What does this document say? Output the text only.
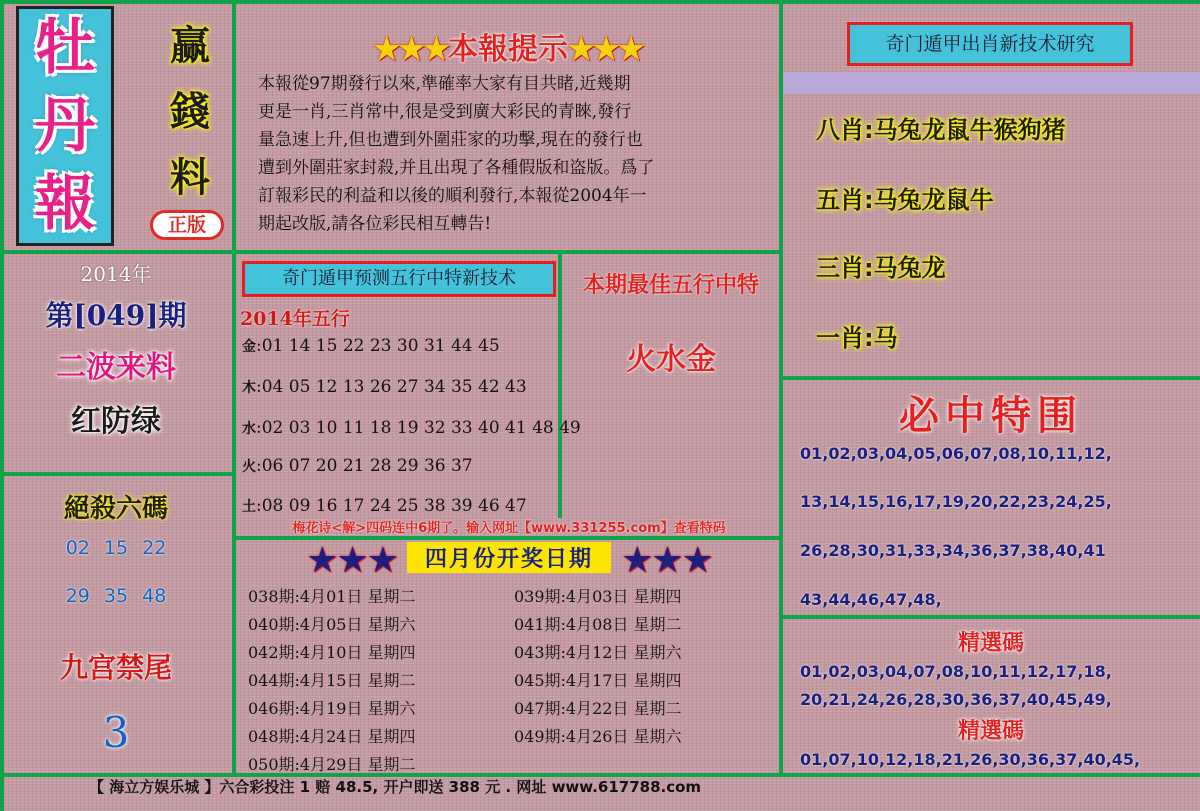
牡
丹
報
赢
錢
料
正版
★★★本報提示★★★
本報從97期發行以來,準確率大家有目共睹,近幾期
更是一肖,三肖常中,很是受到廣大彩民的青睞,發行
量急速上升,但也遭到外圍莊家的功擊,現在的發行也
遭到外圍莊家封殺,并且出現了各種假版和盗版。爲了
訂報彩民的利益和以後的順利發行,本報從2004年一
期起改版,請各位彩民相互轉告!
2014年
第[049]期
二波来料
红防绿
絕殺六碼
02 15 22
29 35 48
九宫禁尾
3
奇门遁甲预测五行中特新技术
2014年五行
金:01 14 15 22 23 30 31 44 45
木:04 05 12 13 26 27 34 35 42 43
水:02 03 10 11 18 19 32 33 40 41 48 49
火:06 07 20 21 28 29 36 37
土:08 09 16 17 24 25 38 39 46 47
本期最佳五行中特
火水金
梅花诗<解>四码连中6期了。输入网址【www.331255.com】查看特码
★★★ 四月份开奖日期 ★★★
038期:4月01日 星期二
040期:4月05日 星期六
042期:4月10日 星期四
044期:4月15日 星期二
046期:4月19日 星期六
048期:4月24日 星期四
050期:4月29日 星期二
039期:4月03日 星期四
041期:4月08日 星期二
043期:4月12日 星期六
045期:4月17日 星期四
047期:4月22日 星期二
049期:4月26日 星期六
奇门遁甲出肖新技术研究
八肖:马兔龙鼠牛猴狗猪
五肖:马兔龙鼠牛
三肖:马兔龙
一肖:马
必中特围
01,02,03,04,05,06,07,08,10,11,12,
13,14,15,16,17,19,20,22,23,24,25,
26,28,30,31,33,34,36,37,38,40,41
43,44,46,47,48,
精選碼
01,02,03,04,07,08,10,11,12,17,18,
20,21,24,26,28,30,36,37,40,45,49,
精選碼
01,07,10,12,18,21,26,30,36,37,40,45,
【 海立方娱乐城 】六合彩投注 1 赔 48.5, 开户即送 388 元 . 网址 www.617788.com
